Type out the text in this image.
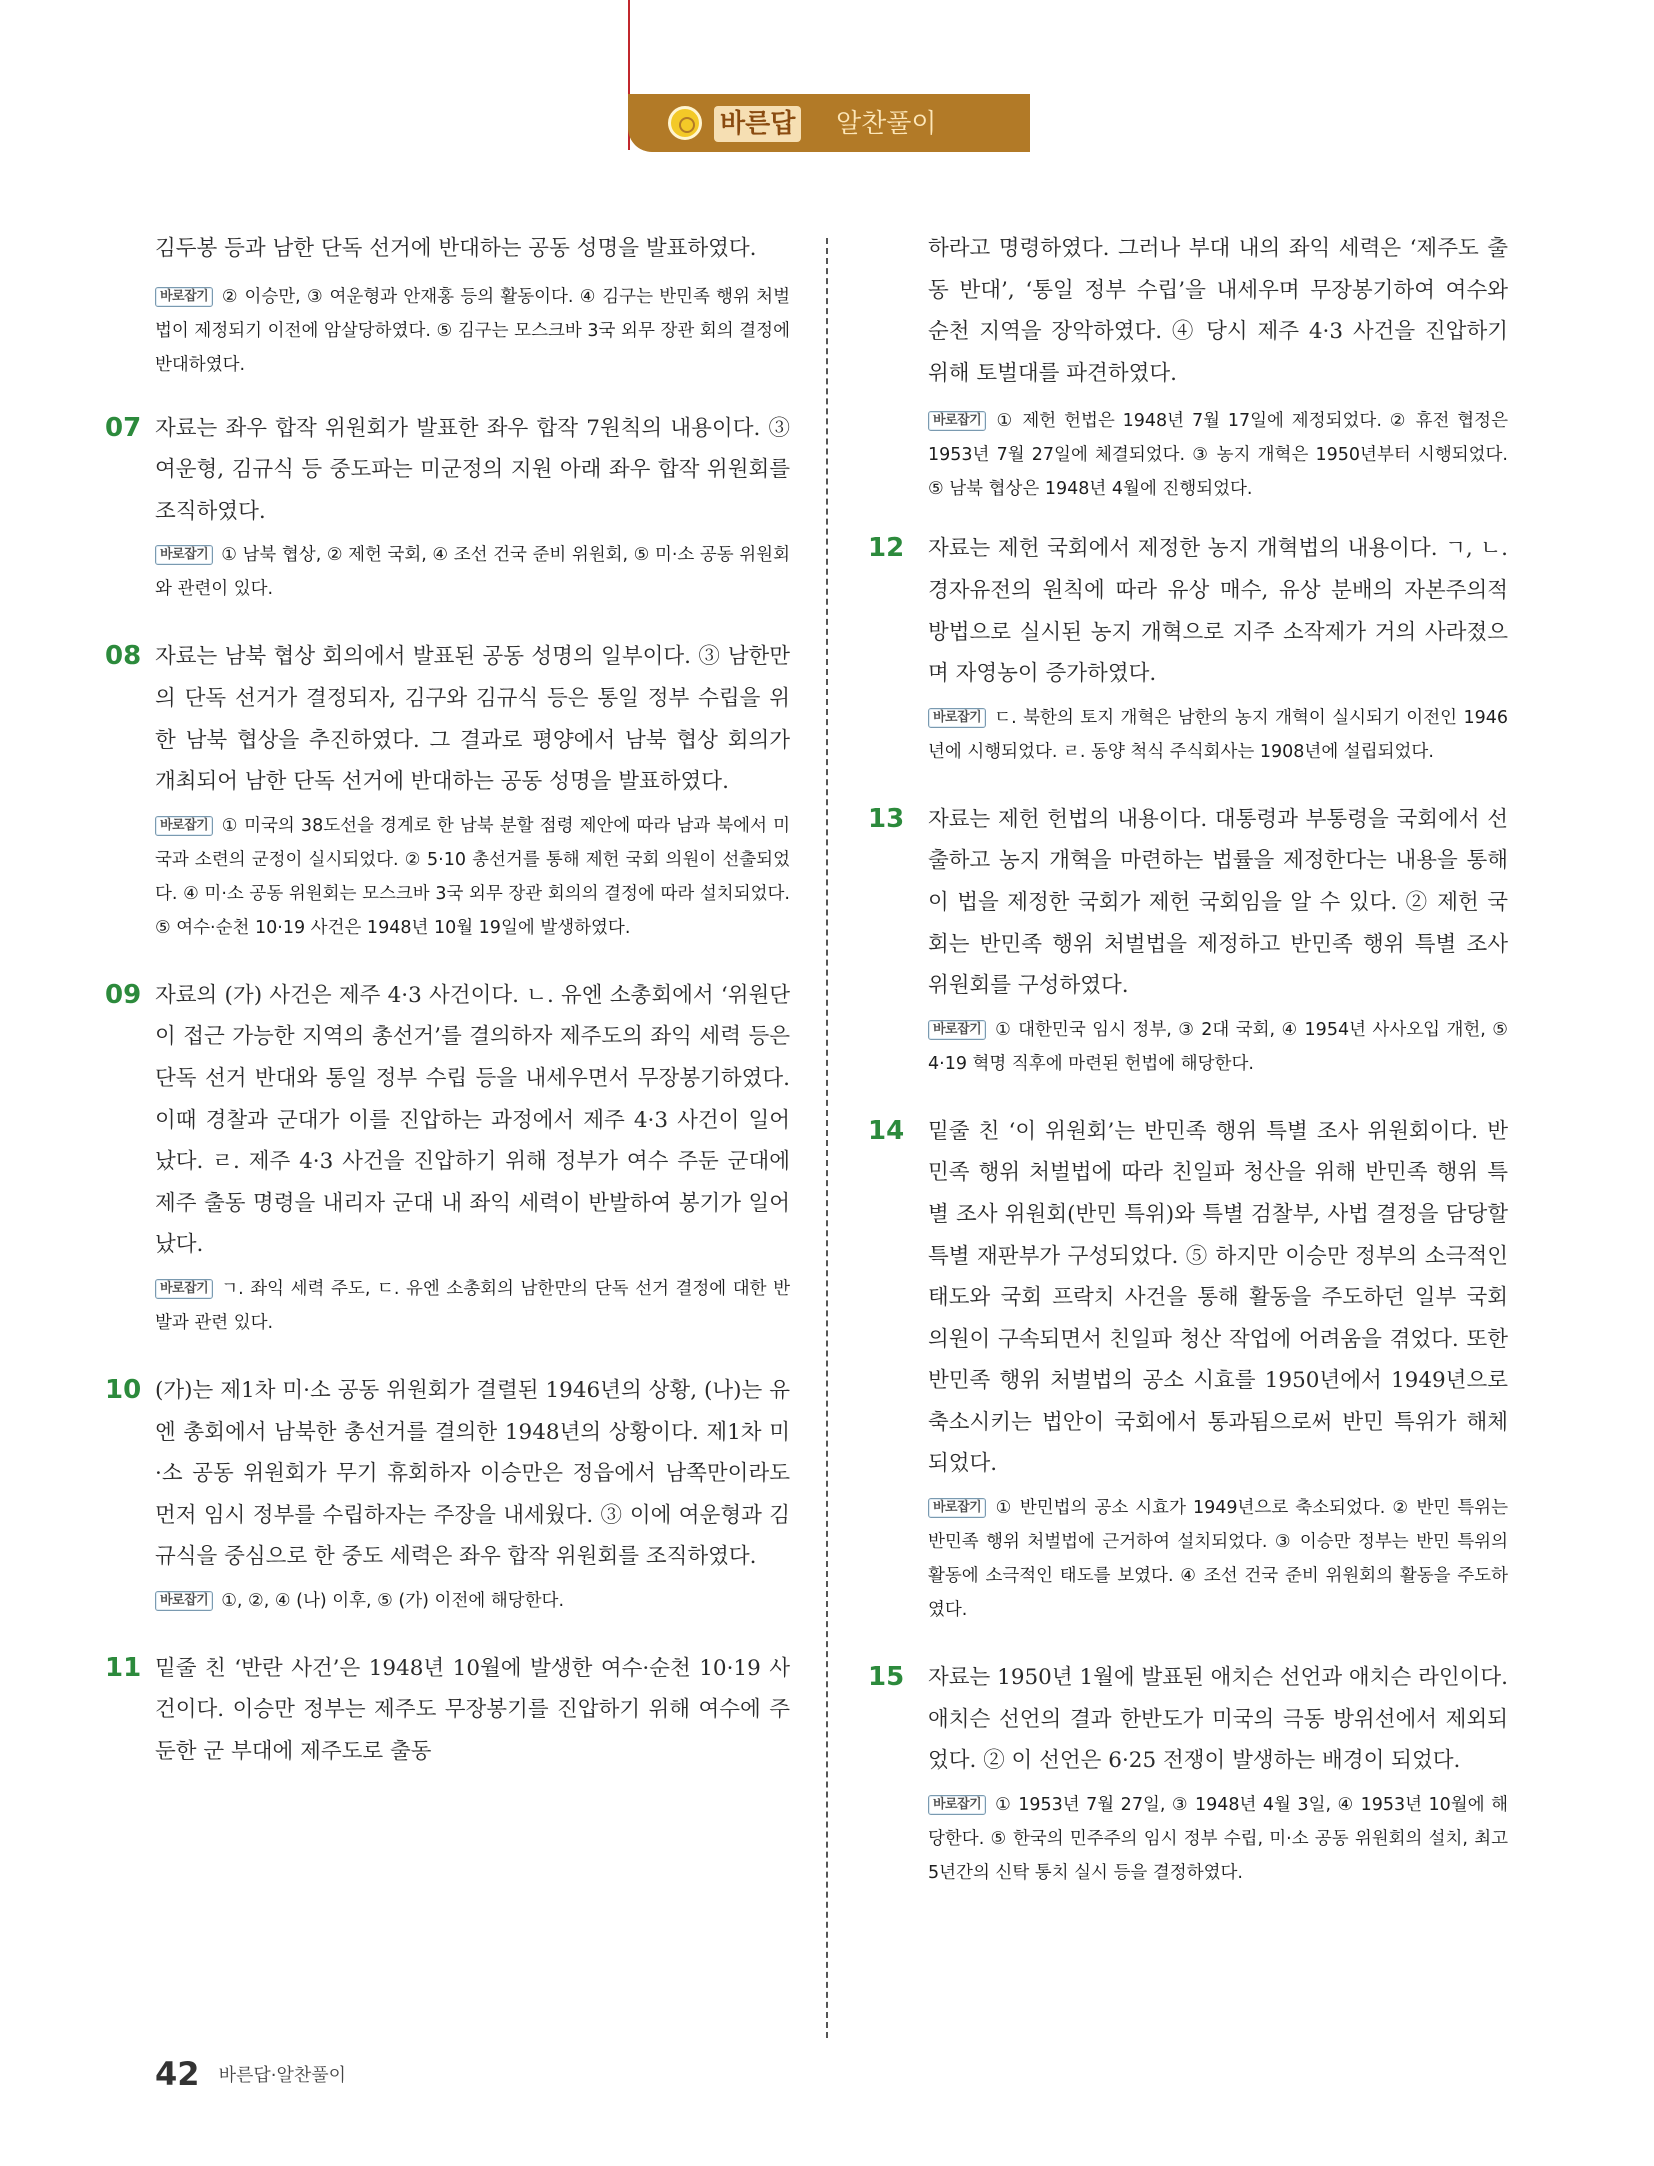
바른답 알찬풀이
김두봉 등과 남한 단독 선거에 반대하는 공동 성명을 발표하였다.
바로잡기 ② 이승만, ③ 여운형과 안재홍 등의 활동이다. ④ 김구는 반민족 행위 처벌법이 제정되기 이전에 암살당하였다. ⑤ 김구는 모스크바 3국 외무 장관 회의 결정에 반대하였다.
07 자료는 좌우 합작 위원회가 발표한 좌우 합작 7원칙의 내용이다. ③ 여운형, 김규식 등 중도파는 미군정의 지원 아래 좌우 합작 위원회를 조직하였다.
바로잡기 ① 남북 협상, ② 제헌 국회, ④ 조선 건국 준비 위원회, ⑤ 미·소 공동 위원회와 관련이 있다.
08 자료는 남북 협상 회의에서 발표된 공동 성명의 일부이다. ③ 남한만의 단독 선거가 결정되자, 김구와 김규식 등은 통일 정부 수립을 위한 남북 협상을 추진하였다. 그 결과로 평양에서 남북 협상 회의가 개최되어 남한 단독 선거에 반대하는 공동 성명을 발표하였다.
바로잡기 ① 미국의 38도선을 경계로 한 남북 분할 점령 제안에 따라 남과 북에서 미국과 소련의 군정이 실시되었다. ② 5·10 총선거를 통해 제헌 국회 의원이 선출되었다. ④ 미·소 공동 위원회는 모스크바 3국 외무 장관 회의의 결정에 따라 설치되었다. ⑤ 여수·순천 10·19 사건은 1948년 10월 19일에 발생하였다.
09 자료의 (가) 사건은 제주 4·3 사건이다. ㄴ. 유엔 소총회에서 ‘위원단이 접근 가능한 지역의 총선거’를 결의하자 제주도의 좌익 세력 등은 단독 선거 반대와 통일 정부 수립 등을 내세우면서 무장봉기하였다. 이때 경찰과 군대가 이를 진압하는 과정에서 제주 4·3 사건이 일어났다. ㄹ. 제주 4·3 사건을 진압하기 위해 정부가 여수 주둔 군대에 제주 출동 명령을 내리자 군대 내 좌익 세력이 반발하여 봉기가 일어났다.
바로잡기 ㄱ. 좌익 세력 주도, ㄷ. 유엔 소총회의 남한만의 단독 선거 결정에 대한 반발과 관련 있다.
10 (가)는 제1차 미·소 공동 위원회가 결렬된 1946년의 상황, (나)는 유엔 총회에서 남북한 총선거를 결의한 1948년의 상황이다. 제1차 미·소 공동 위원회가 무기 휴회하자 이승만은 정읍에서 남쪽만이라도 먼저 임시 정부를 수립하자는 주장을 내세웠다. ③ 이에 여운형과 김규식을 중심으로 한 중도 세력은 좌우 합작 위원회를 조직하였다.
바로잡기 ①, ②, ④ (나) 이후, ⑤ (가) 이전에 해당한다.
11 밑줄 친 ‘반란 사건’은 1948년 10월에 발생한 여수·순천 10·19 사건이다. 이승만 정부는 제주도 무장봉기를 진압하기 위해 여수에 주둔한 군 부대에 제주도로 출동
하라고 명령하였다. 그러나 부대 내의 좌익 세력은 ‘제주도 출동 반대’, ‘통일 정부 수립’을 내세우며 무장봉기하여 여수와 순천 지역을 장악하였다. ④ 당시 제주 4·3 사건을 진압하기 위해 토벌대를 파견하였다.
바로잡기 ① 제헌 헌법은 1948년 7월 17일에 제정되었다. ② 휴전 협정은 1953년 7월 27일에 체결되었다. ③ 농지 개혁은 1950년부터 시행되었다. ⑤ 남북 협상은 1948년 4월에 진행되었다.
12	자료는 제헌 국회에서 제정한 농지 개혁법의 내용이다. ㄱ, ㄴ. 경자유전의 원칙에 따라 유상 매수, 유상 분배의 자본주의적 방법으로 실시된 농지 개혁으로 지주 소작제가 거의 사라졌으며 자영농이 증가하였다.
바로잡기 ㄷ. 북한의 토지 개혁은 남한의 농지 개혁이 실시되기 이전인 1946년에 시행되었다. ㄹ. 동양 척식 주식회사는 1908년에 설립되었다.
13	자료는 제헌 헌법의 내용이다. 대통령과 부통령을 국회에서 선출하고 농지 개혁을 마련하는 법률을 제정한다는 내용을 통해 이 법을 제정한 국회가 제헌 국회임을 알 수 있다. ② 제헌 국회는 반민족 행위 처벌법을 제정하고 반민족 행위 특별 조사 위원회를 구성하였다.
바로잡기 ① 대한민국 임시 정부, ③ 2대 국회, ④ 1954년 사사오입 개헌, ⑤ 4·19 혁명 직후에 마련된 헌법에 해당한다.
14	밑줄 친 ‘이 위원회’는 반민족 행위 특별 조사 위원회이다. 반민족 행위 처벌법에 따라 친일파 청산을 위해 반민족 행위 특별 조사 위원회(반민 특위)와 특별 검찰부, 사법 결정을 담당할 특별 재판부가 구성되었다. ⑤ 하지만 이승만 정부의 소극적인 태도와 국회 프락치 사건을 통해 활동을 주도하던 일부 국회 의원이 구속되면서 친일파 청산 작업에 어려움을 겪었다. 또한 반민족 행위 처벌법의 공소 시효를 1950년에서 1949년으로 축소시키는 법안이 국회에서 통과됨으로써 반민 특위가 해체되었다.
바로잡기 ① 반민법의 공소 시효가 1949년으로 축소되었다. ② 반민 특위는 반민족 행위 처벌법에 근거하여 설치되었다. ③ 이승만 정부는 반민 특위의 활동에 소극적인 태도를 보였다. ④ 조선 건국 준비 위원회의 활동을 주도하였다.
15	자료는 1950년 1월에 발표된 애치슨 선언과 애치슨 라인이다. 애치슨 선언의 결과 한반도가 미국의 극동 방위선에서 제외되었다. ② 이 선언은 6·25 전쟁이 발생하는 배경이 되었다.
바로잡기 ① 1953년 7월 27일, ③ 1948년 4월 3일, ④ 1953년 10월에 해당한다. ⑤ 한국의 민주주의 임시 정부 수립, 미·소 공동 위원회의 설치, 최고 5년간의 신탁 통치 실시 등을 결정하였다.
42 바른답·알찬풀이
